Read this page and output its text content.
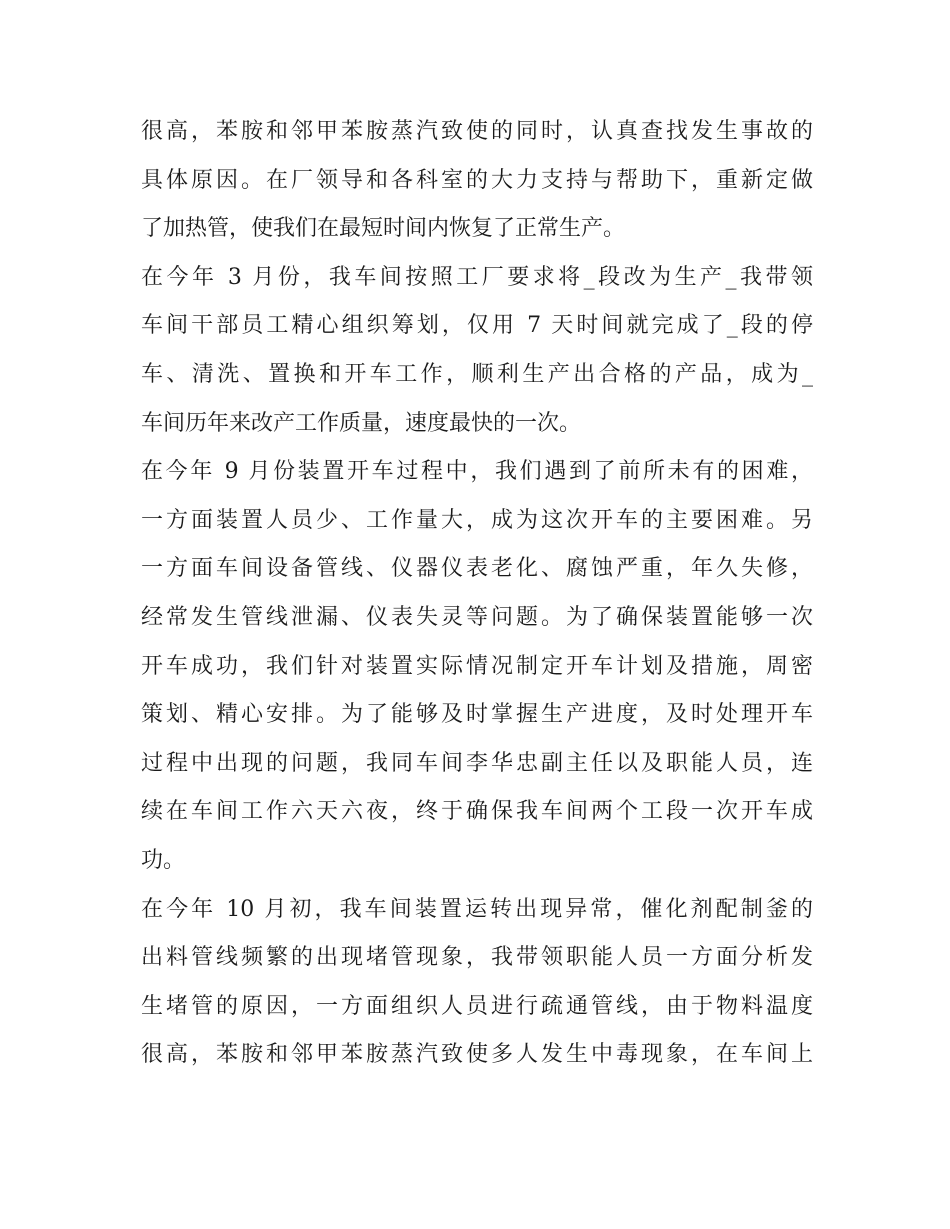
很高，苯胺和邻甲苯胺蒸汽致使的同时，认真查找发生事故的
具体原因。在厂领导和各科室的大力支持与帮助下，重新定做
了加热管，使我们在最短时间内恢复了正常生产。
在今年 3 月份，我车间按照工厂要求将_段改为生产_我带领
车间干部员工精心组织筹划，仅用 7 天时间就完成了_段的停
车、清洗、置换和开车工作，顺利生产出合格的产品，成为_
车间历年来改产工作质量，速度最快的一次。
在今年 9 月份装置开车过程中，我们遇到了前所未有的困难，
一方面装置人员少、工作量大，成为这次开车的主要困难。另
一方面车间设备管线、仪器仪表老化、腐蚀严重，年久失修，
经常发生管线泄漏、仪表失灵等问题。为了确保装置能够一次
开车成功，我们针对装置实际情况制定开车计划及措施，周密
策划、精心安排。为了能够及时掌握生产进度，及时处理开车
过程中出现的问题，我同车间李华忠副主任以及职能人员，连
续在车间工作六天六夜，终于确保我车间两个工段一次开车成
功。
在今年 10 月初，我车间装置运转出现异常，催化剂配制釜的
出料管线频繁的出现堵管现象，我带领职能人员一方面分析发
生堵管的原因，一方面组织人员进行疏通管线，由于物料温度
很高，苯胺和邻甲苯胺蒸汽致使多人发生中毒现象，在车间上
